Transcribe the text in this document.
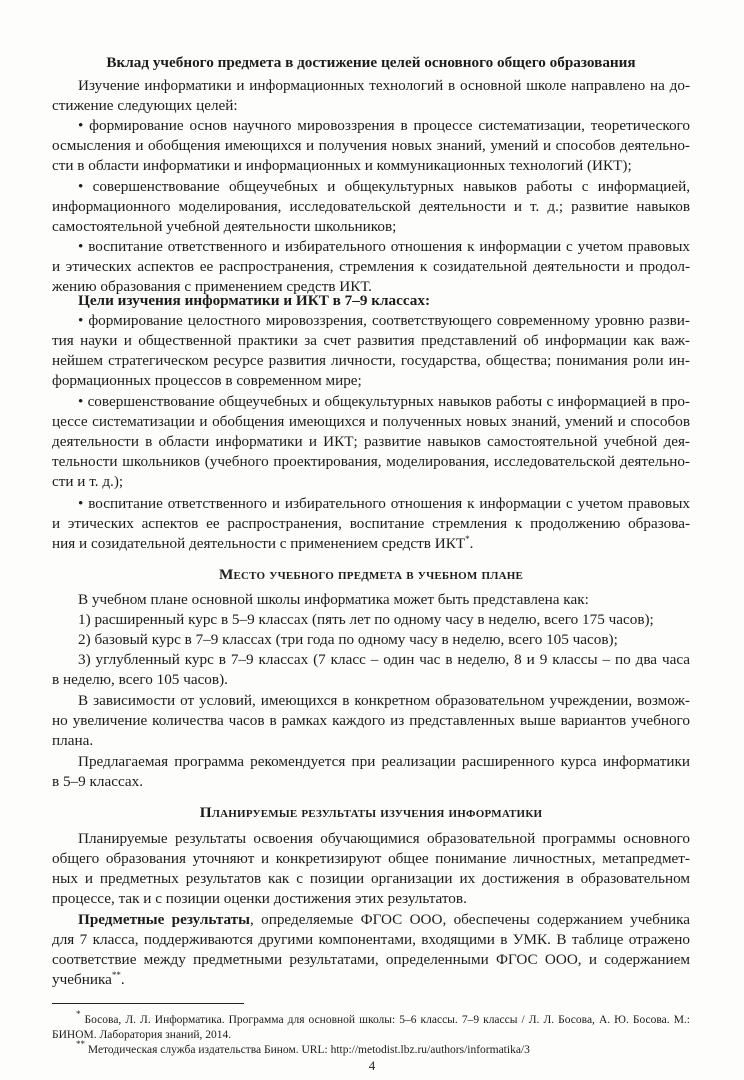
Вклад учебного предмета в достижение целей основного общего образования
Изучение информатики и информационных технологий в основной школе направлено на до-
стижение следующих целей:
• формирование основ научного мировоззрения в процессе систематизации, теоретического
осмысления и обобщения имеющихся и получения новых знаний, умений и способов деятельно-
сти в области информатики и информационных и коммуникационных технологий (ИКТ);
• совершенствование общеучебных и общекультурных навыков работы с информацией,
информационного моделирования, исследовательской деятельности и т. д.; развитие навыков
самостоятельной учебной деятельности школьников;
• воспитание ответственного и избирательного отношения к информации с учетом правовых
и этических аспектов ее распространения, стремления к созидательной деятельности и продол-
жению образования с применением средств ИКТ.
Цели изучения информатики и ИКТ в 7–9 классах:
• формирование целостного мировоззрения, соответствующего современному уровню разви-
тия науки и общественной практики за счет развития представлений об информации как важ-
нейшем стратегическом ресурсе развития личности, государства, общества; понимания роли ин-
формационных процессов в современном мире;
• совершенствование общеучебных и общекультурных навыков работы с информацией в про-
цессе систематизации и обобщения имеющихся и полученных новых знаний, умений и способов
деятельности в области информатики и ИКТ; развитие навыков самостоятельной учебной дея-
тельности школьников (учебного проектирования, моделирования, исследовательской деятельно-
сти и т. д.);
• воспитание ответственного и избирательного отношения к информации с учетом правовых
и этических аспектов ее распространения, воспитание стремления к продолжению образова-
ния и созидательной деятельности с применением средств ИКТ*.
Место учебного предмета в учебном плане
В учебном плане основной школы информатика может быть представлена как:
1) расширенный курс в 5–9 классах (пять лет по одному часу в неделю, всего 175 часов);
2) базовый курс в 7–9 классах (три года по одному часу в неделю, всего 105 часов);
3) углубленный курс в 7–9 классах (7 класс – один час в неделю, 8 и 9 классы – по два часа
в неделю, всего 105 часов).
В зависимости от условий, имеющихся в конкретном образовательном учреждении, возмож-
но увеличение количества часов в рамках каждого из представленных выше вариантов учебного
плана.
Предлагаемая программа рекомендуется при реализации расширенного курса информатики
в 5–9 классах.
Планируемые результаты изучения информатики
Планируемые результаты освоения обучающимися образовательной программы основного
общего образования уточняют и конкретизируют общее понимание личностных, метапредмет-
ных и предметных результатов как с позиции организации их достижения в образовательном
процессе, так и с позиции оценки достижения этих результатов.
Предметные результаты, определяемые ФГОС ООО, обеспечены содержанием учебника
для 7 класса, поддерживаются другими компонентами, входящими в УМК. В таблице отражено
соответствие между предметными результатами, определенными ФГОС ООО, и содержанием
учебника**.
* Босова, Л. Л. Информатика. Программа для основной школы: 5–6 классы. 7–9 классы / Л. Л. Босова, А. Ю. Босова. М.:
БИНОМ. Лаборатория знаний, 2014.
** Методическая служба издательства Бином. URL: http://metodist.lbz.ru/authors/informatika/3
4
